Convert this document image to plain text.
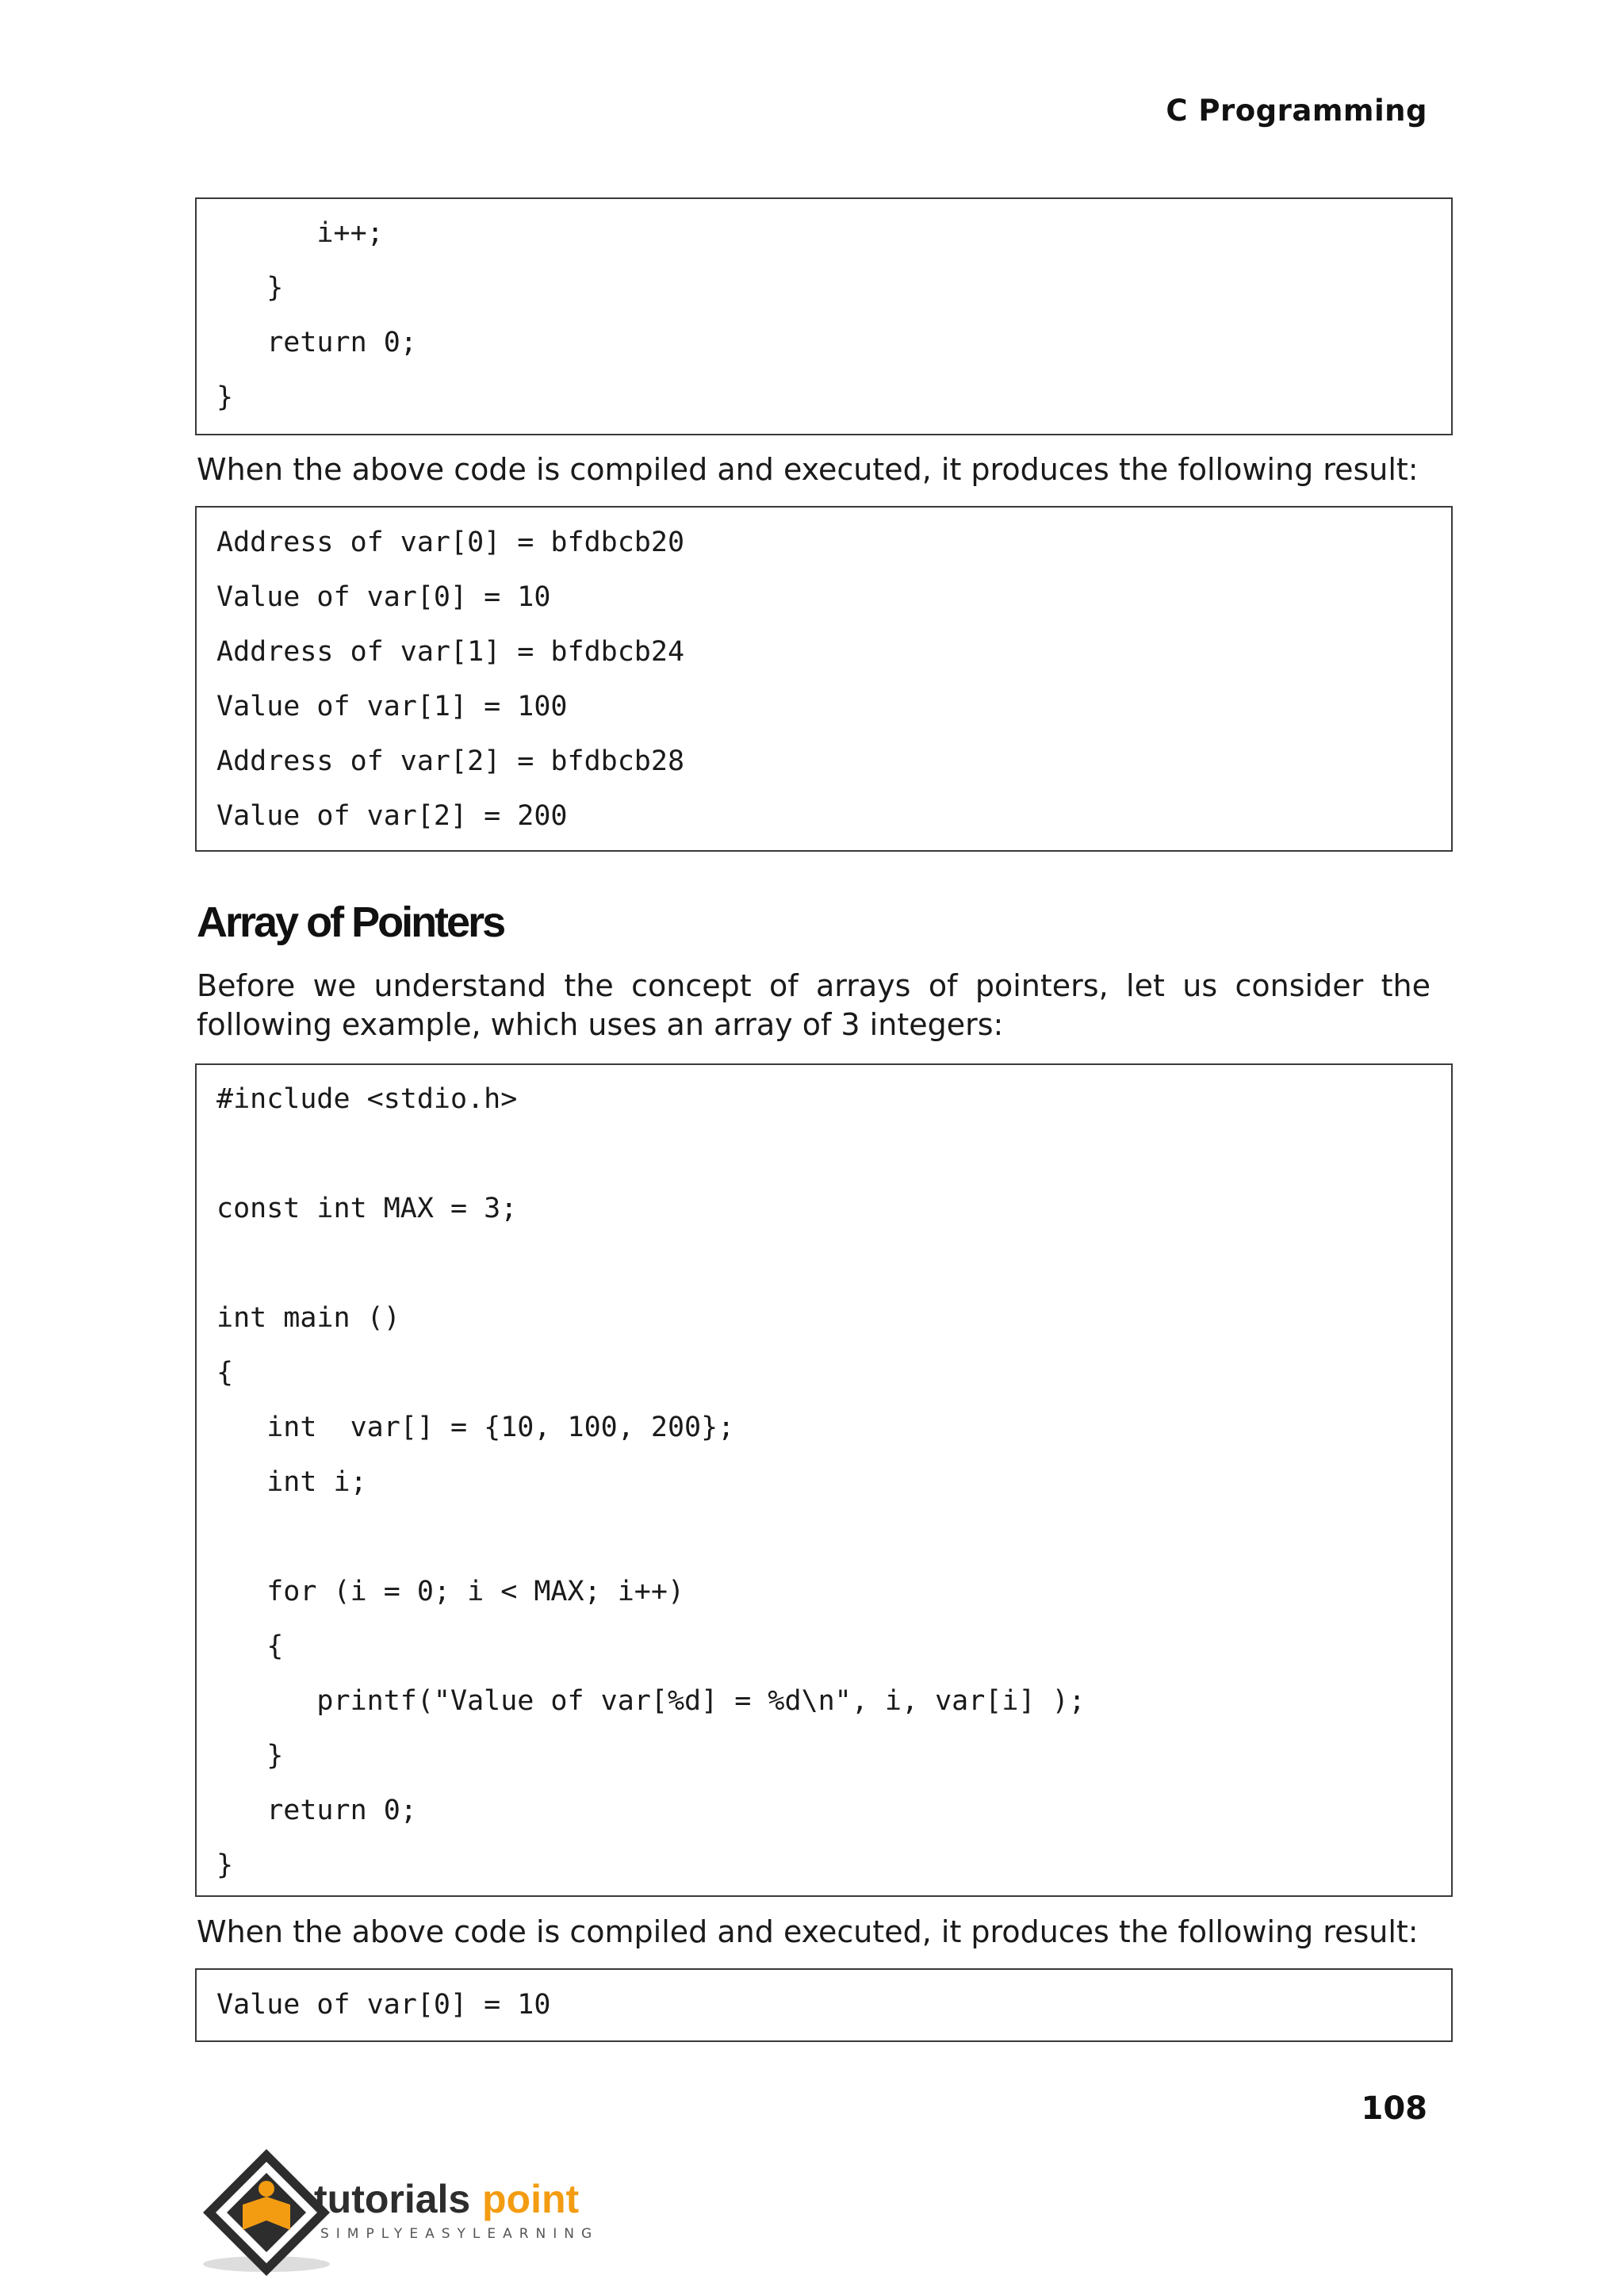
C Programming
i++;
}
return 0;
}
When the above code is compiled and executed, it produces the following result:
Address of var[0] = bfdbcb20
Value of var[0] = 10
Address of var[1] = bfdbcb24
Value of var[1] = 100
Address of var[2] = bfdbcb28
Value of var[2] = 200
Array of Pointers
Before we understand the concept of arrays of pointers, let us consider the following example, which uses an array of 3 integers:
#include <stdio.h>
const int MAX = 3;
int main ()
{
int  var[] = {10, 100, 200};
int i;
for (i = 0; i < MAX; i++)
{
printf("Value of var[%d] = %d\n", i, var[i] );
}
return 0;
}
When the above code is compiled and executed, it produces the following result:
Value of var[0] = 10
108
tutorials point
SIMPLYEASYLEARNING
